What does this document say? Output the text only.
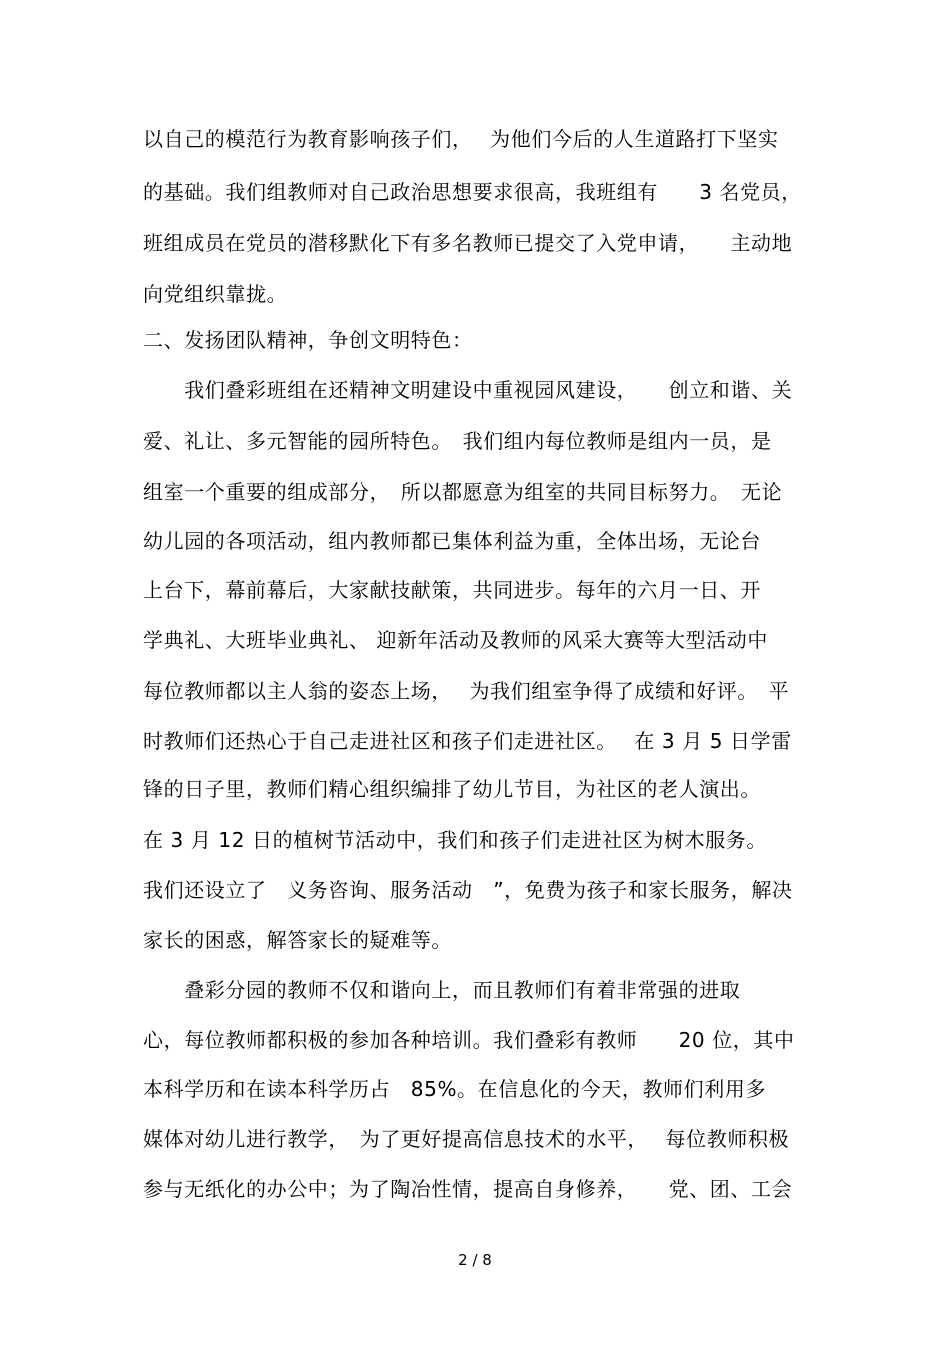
以自己的模范行为教育影响孩子们，　 为他们今后的人生道路打下坚实
的基础。我们组教师对自己政治思想要求很高，我班组有　　3 名党员，
班组成员在党员的潜移默化下有多名教师已提交了入党申请，　　主动地
向党组织靠拢。
二、发扬团队精神，争创文明特色：
　　我们叠彩班组在还精神文明建设中重视园风建设，　　创立和谐、关
爱、礼让、多元智能的园所特色。　我们组内每位教师是组内一员，是
组室一个重要的组成部分，　所以都愿意为组室的共同目标努力。　无论
幼儿园的各项活动，组内教师都已集体利益为重，全体出场，无论台
上台下，幕前幕后，大家献技献策，共同进步。每年的六月一日、开
学典礼、大班毕业典礼、 迎新年活动及教师的风采大赛等大型活动中
每位教师都以主人翁的姿态上场，　 为我们组室争得了成绩和好评。　平
时教师们还热心于自己走进社区和孩子们走进社区。　 在 3 月 5 日学雷
锋的日子里，教师们精心组织编排了幼儿节目，为社区的老人演出。
在 3 月 12 日的植树节活动中，我们和孩子们走进社区为树木服务。
我们还设立了　义务咨询、服务活动　”，免费为孩子和家长服务，解决
家长的困惑，解答家长的疑难等。
　　叠彩分园的教师不仅和谐向上，而且教师们有着非常强的进取
心，每位教师都积极的参加各种培训。我们叠彩有教师　　20 位，其中
本科学历和在读本科学历占　85%。在信息化的今天，教师们利用多
媒体对幼儿进行教学，　为了更好提高信息技术的水平，　 每位教师积极
参与无纸化的办公中；为了陶冶性情，提高自身修养，　　党、团、工会
2 / 8
